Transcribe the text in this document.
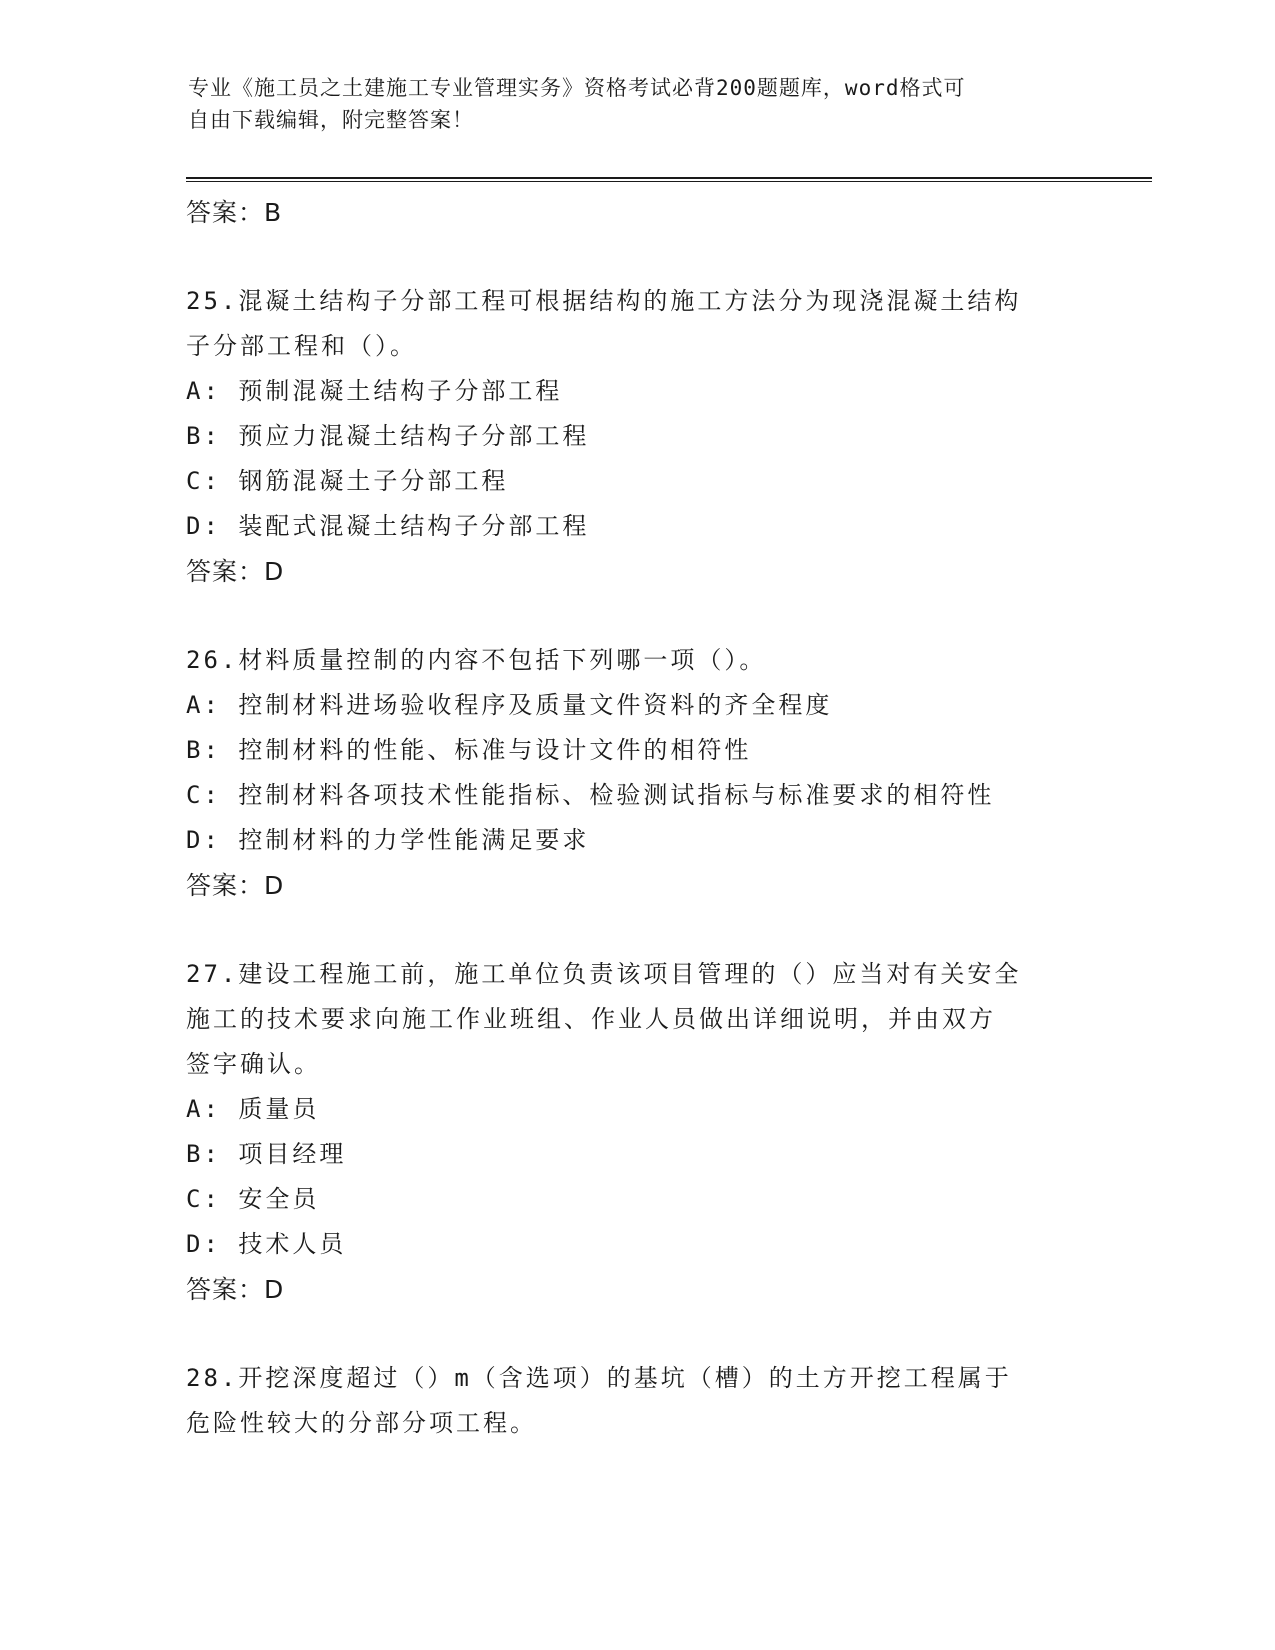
专业《施工员之土建施工专业管理实务》资格考试必背200题题库，word格式可
自由下载编辑，附完整答案！
答案：B
25.混凝土结构子分部工程可根据结构的施工方法分为现浇混凝土结构
子分部工程和（）。
A: 预制混凝土结构子分部工程
B: 预应力混凝土结构子分部工程
C: 钢筋混凝土子分部工程
D: 装配式混凝土结构子分部工程
答案：D
26.材料质量控制的内容不包括下列哪一项（）。
A: 控制材料进场验收程序及质量文件资料的齐全程度
B: 控制材料的性能、标准与设计文件的相符性
C: 控制材料各项技术性能指标、检验测试指标与标准要求的相符性
D: 控制材料的力学性能满足要求
答案：D
27.建设工程施工前，施工单位负责该项目管理的（）应当对有关安全
施工的技术要求向施工作业班组、作业人员做出详细说明，并由双方
签字确认。
A: 质量员
B: 项目经理
C: 安全员
D: 技术人员
答案：D
28.开挖深度超过（）m（含选项）的基坑（槽）的土方开挖工程属于
危险性较大的分部分项工程。
